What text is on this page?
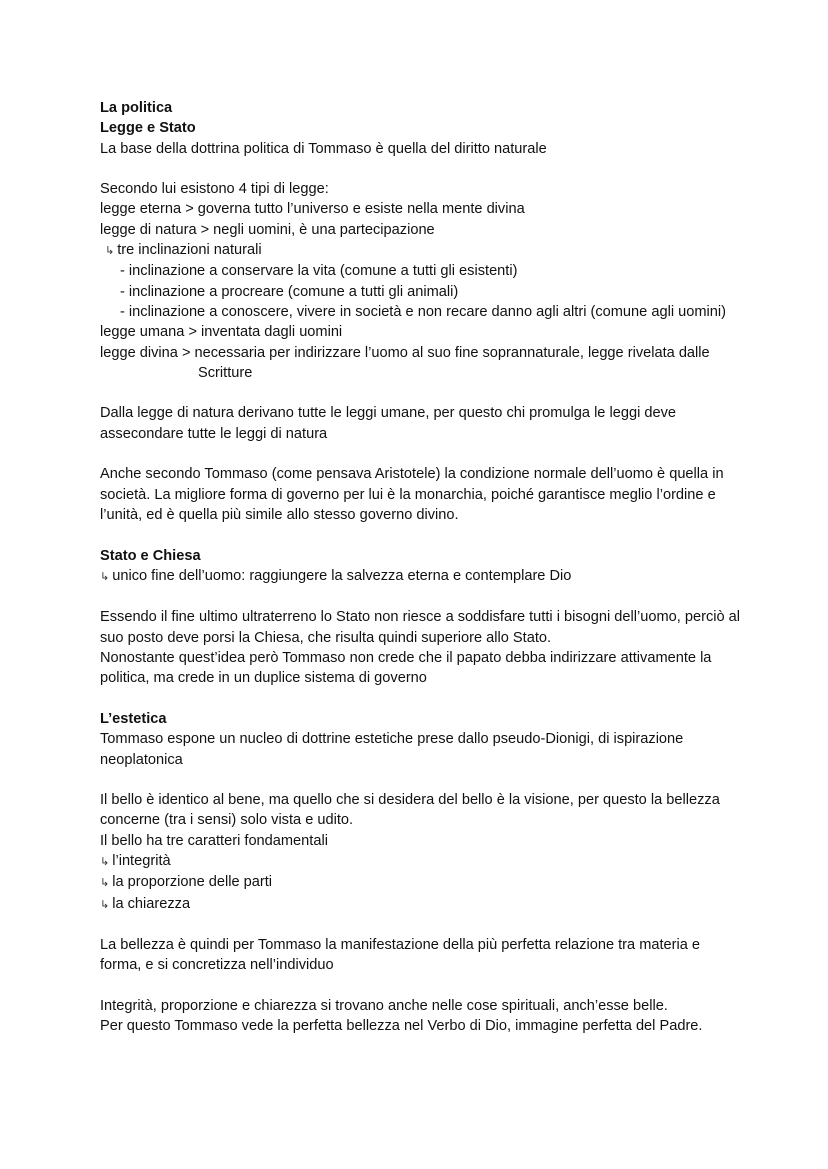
La politica
Legge e Stato
La base della dottrina politica di Tommaso è quella del diritto naturale
Secondo lui esistono 4 tipi di legge:
legge eterna > governa tutto l’universo e esiste nella mente divina
legge di natura > negli uomini, è una partecipazione
↳ tre inclinazioni naturali
- inclinazione a conservare la vita (comune a tutti gli esistenti)
- inclinazione a procreare (comune a tutti gli animali)
- inclinazione a conoscere, vivere in società e non recare danno agli altri (comune agli uomini)
legge umana > inventata dagli uomini
legge divina > necessaria per indirizzare l’uomo al suo fine soprannaturale, legge rivelata dalle
Scritture
Dalla legge di natura derivano tutte le leggi umane, per questo chi promulga le leggi deve
assecondare tutte le leggi di natura
Anche secondo Tommaso (come pensava Aristotele) la condizione normale dell’uomo è quella in
società. La migliore forma di governo per lui è la monarchia, poiché garantisce meglio l’ordine e
l’unità, ed è quella più simile allo stesso governo divino.
Stato e Chiesa
↳ unico fine dell’uomo: raggiungere la salvezza eterna e contemplare Dio
Essendo il fine ultimo ultraterreno lo Stato non riesce a soddisfare tutti i bisogni dell’uomo, perciò al
suo posto deve porsi la Chiesa, che risulta quindi superiore allo Stato.
Nonostante quest’idea però Tommaso non crede che il papato debba indirizzare attivamente la
politica, ma crede in un duplice sistema di governo
L’estetica
Tommaso espone un nucleo di dottrine estetiche prese dallo pseudo-Dionigi, di ispirazione
neoplatonica
Il bello è identico al bene, ma quello che si desidera del bello è la visione, per questo la bellezza
concerne (tra i sensi) solo vista e udito.
Il bello ha tre caratteri fondamentali
↳ l’integrità
↳ la proporzione delle parti
↳ la chiarezza
La bellezza è quindi per Tommaso la manifestazione della più perfetta relazione tra materia e
forma, e si concretizza nell’individuo
Integrità, proporzione e chiarezza si trovano anche nelle cose spirituali, anch’esse belle.
Per questo Tommaso vede la perfetta bellezza nel Verbo di Dio, immagine perfetta del Padre.
